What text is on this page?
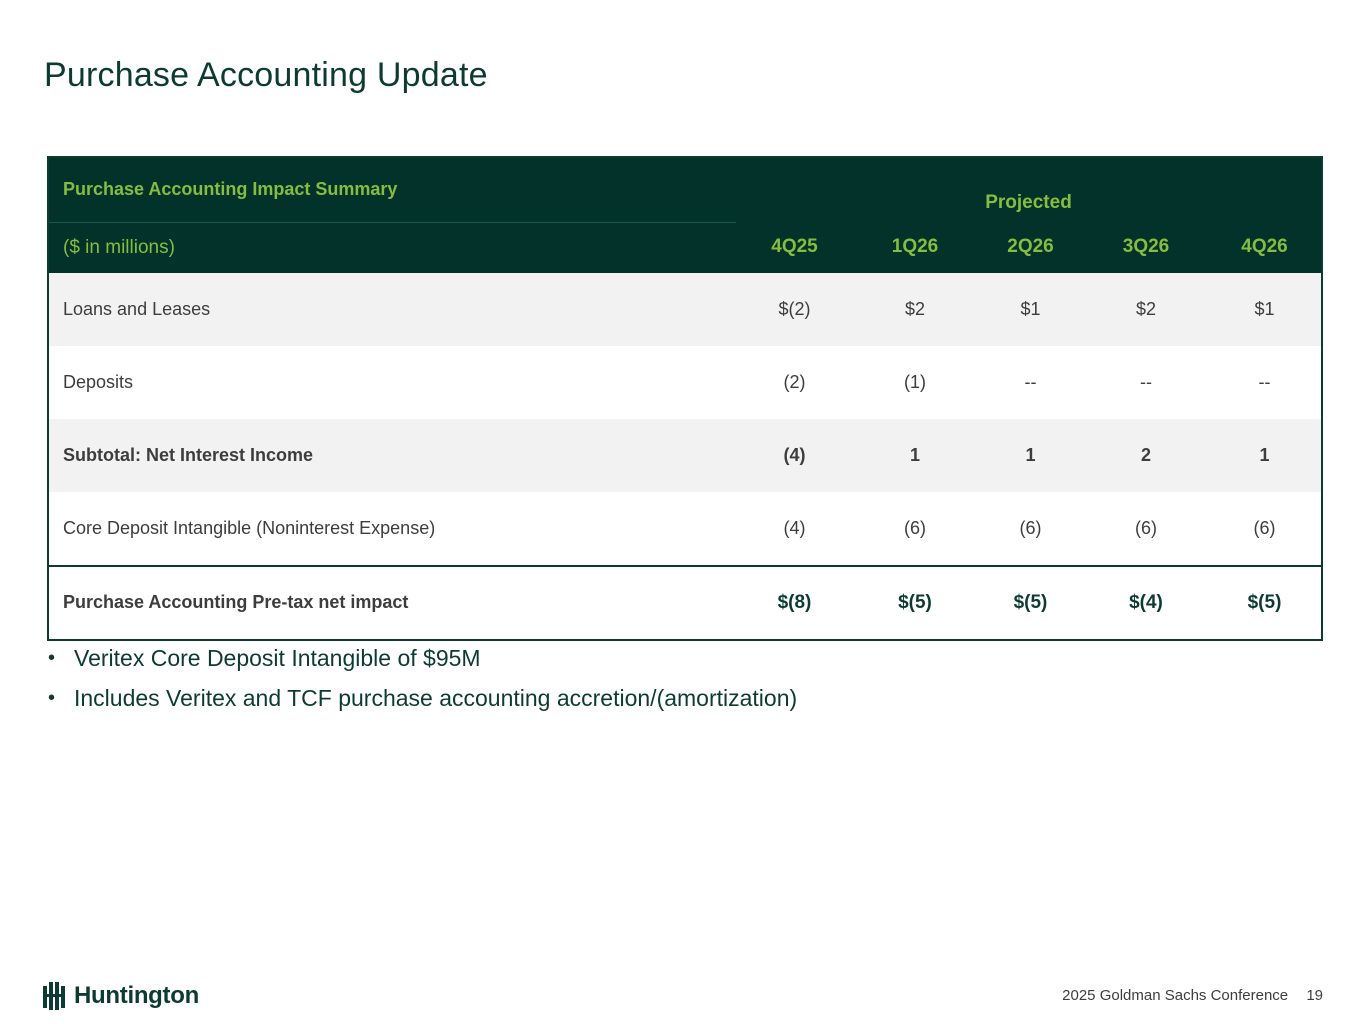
Purchase Accounting Update
Purchase Accounting Impact Summary	Projected				
($ in millions)	4Q25	1Q26	2Q26	3Q26	4Q26
Loans and Leases	$(2)	$2	$1	$2	$1
Deposits	(2)	(1)	--	--	--
Subtotal: Net Interest Income	(4)	1	1	2	1
Core Deposit Intangible (Noninterest Expense)	(4)	(6)	(6)	(6)	(6)
Purchase Accounting Pre-tax net impact	$(8)	$(5)	$(5)	$(4)	$(5)
• Veritex Core Deposit Intangible of $95M
• Includes Veritex and TCF purchase accounting accretion/(amortization)
Huntington	2025 Goldman Sachs Conference 19
